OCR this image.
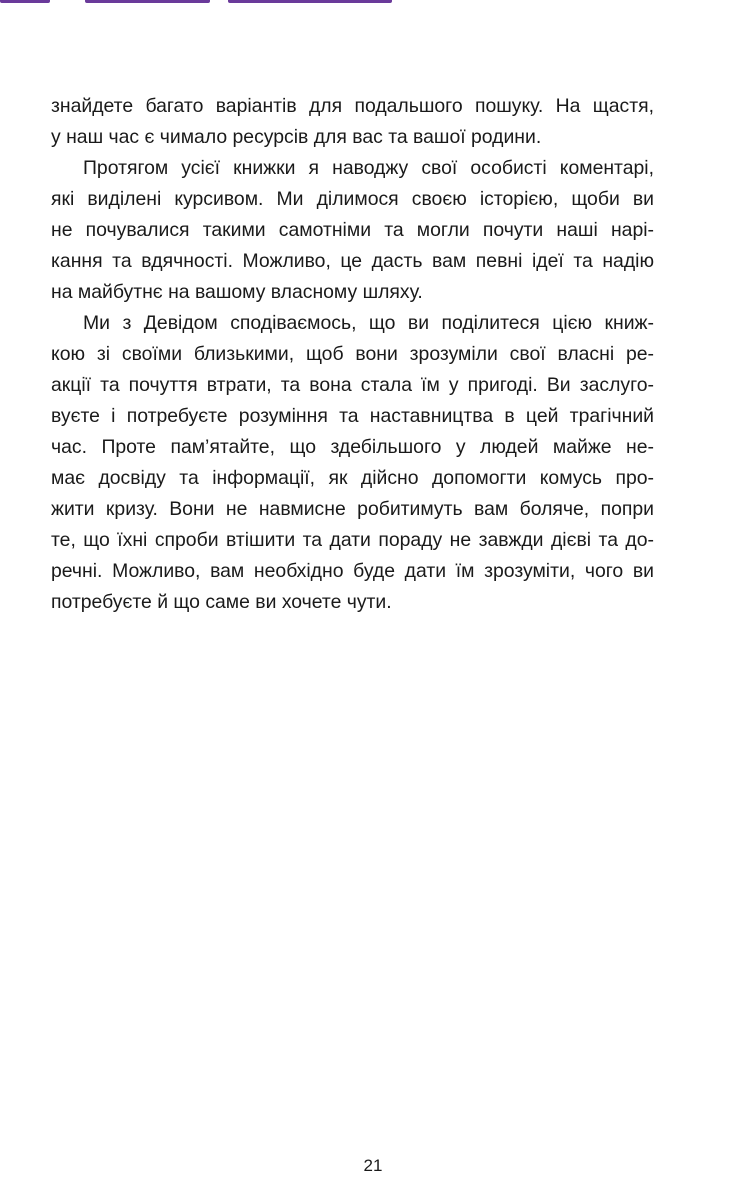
знайдете багато варіантів для подальшого пошуку. На щастя,
у наш час є чимало ресурсів для вас та вашої родини.
Протягом усієї книжки я наводжу свої особисті коментарі,
які виділені курсивом. Ми ділимося своєю історією, щоби ви
не почувалися такими самотніми та могли почути наші нарі-
кання та вдячності. Можливо, це дасть вам певні ідеї та надію
на майбутнє на вашому власному шляху.
Ми з Девідом сподіваємось, що ви поділитеся цією книж-
кою зі своїми близькими, щоб вони зрозуміли свої власні ре-
акції та почуття втрати, та вона стала їм у пригоді. Ви заслуго-
вуєте і потребуєте розуміння та наставництва в цей трагічний
час. Проте пам’ятайте, що здебільшого у людей майже не-
має досвіду та інформації, як дійсно допомогти комусь про-
жити кризу. Вони не навмисне робитимуть вам боляче, попри
те, що їхні спроби втішити та дати пораду не завжди дієві та до-
речні. Можливо, вам необхідно буде дати їм зрозуміти, чого ви
потребуєте й що саме ви хочете чути.
21
